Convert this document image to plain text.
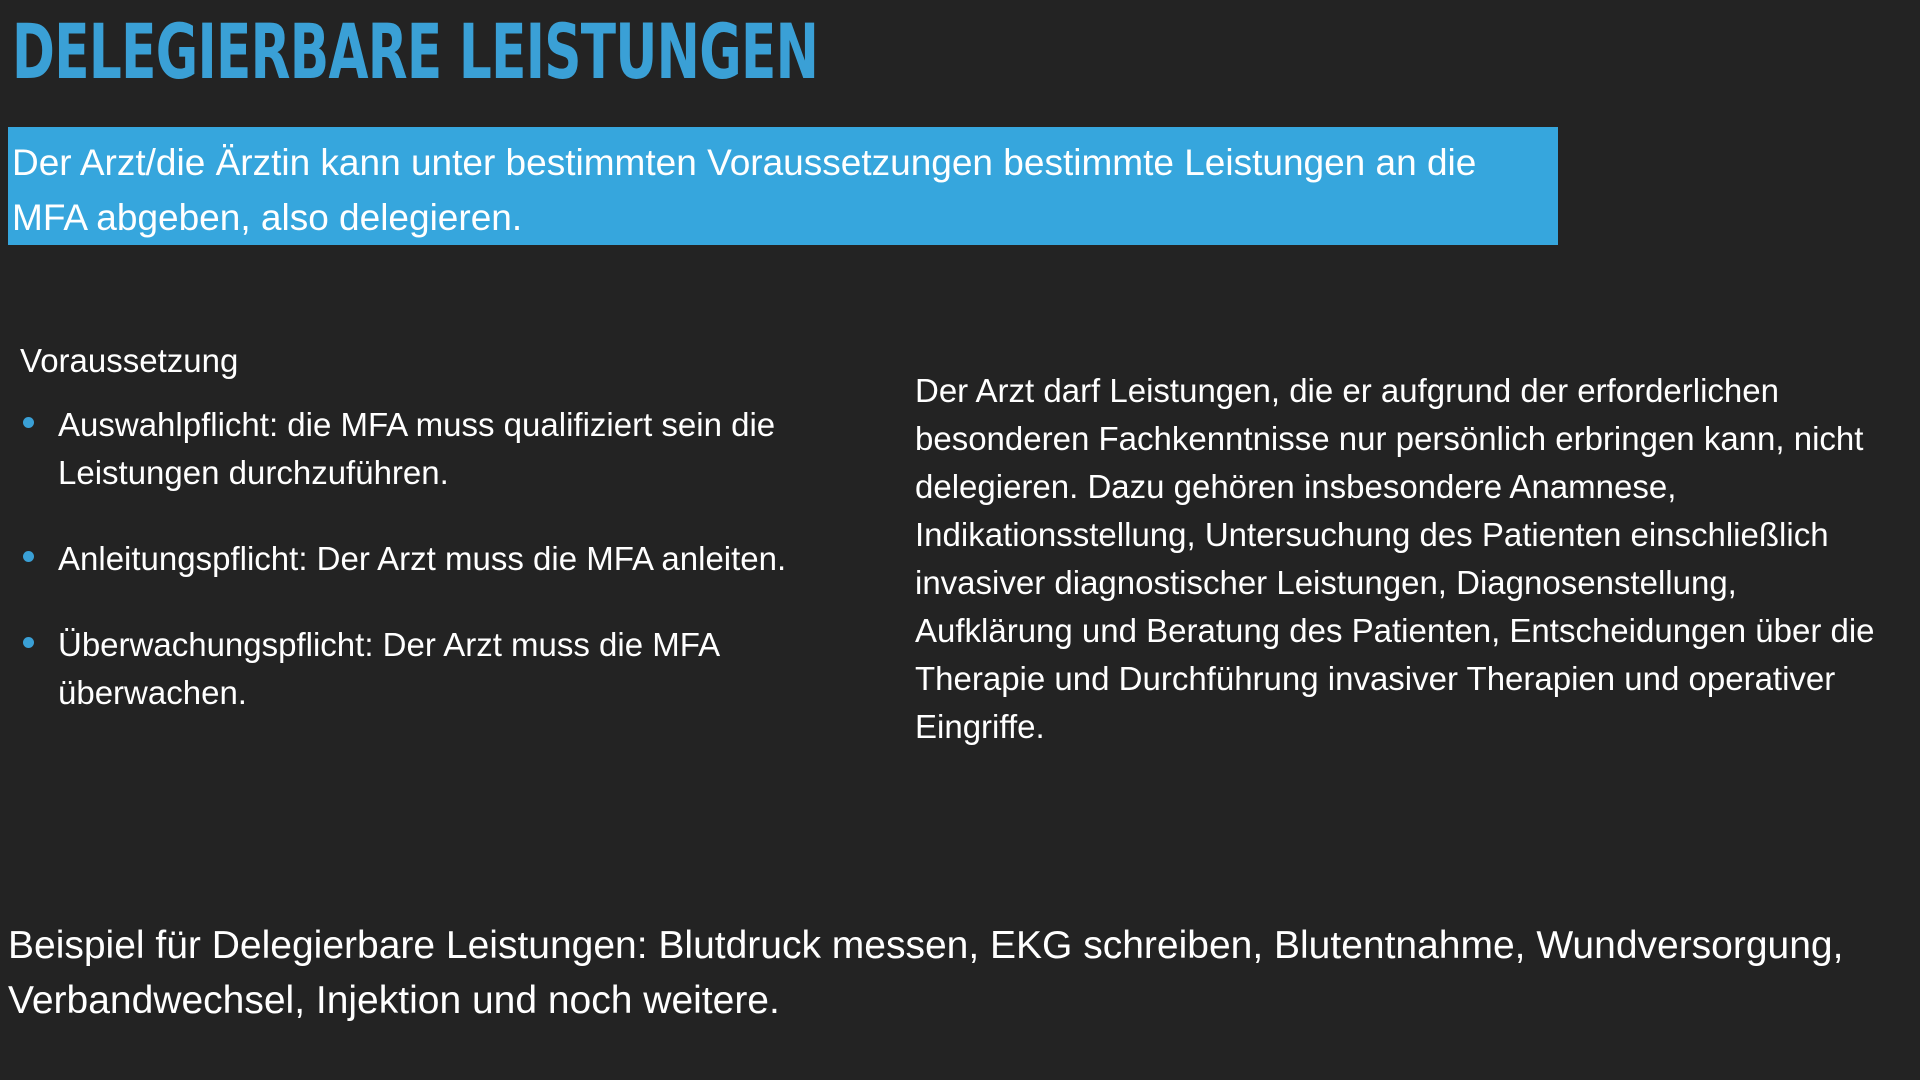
DELEGIERBARE LEISTUNGEN
Der Arzt/die Ärztin kann unter bestimmten Voraussetzungen bestimmte Leistungen an die MFA abgeben, also delegieren.
Voraussetzung
Auswahlpflicht: die MFA muss qualifiziert sein die Leistungen durchzuführen.
Anleitungspflicht: Der Arzt muss die MFA anleiten.
Überwachungspflicht: Der Arzt muss die MFA überwachen.
Der Arzt darf Leistungen, die er aufgrund der erforderlichen besonderen Fachkenntnisse nur persönlich erbringen kann, nicht delegieren. Dazu gehören insbesondere Anamnese, Indikationsstellung, Untersuchung des Patienten einschließlich invasiver diagnostischer Leistungen, Diagnosenstellung, Aufklärung und Beratung des Patienten, Entscheidungen über die Therapie und Durchführung invasiver Therapien und operativer Eingriffe.
Beispiel für Delegierbare Leistungen: Blutdruck messen, EKG schreiben, Blutentnahme, Wundversorgung, Verbandwechsel, Injektion und noch weitere.
